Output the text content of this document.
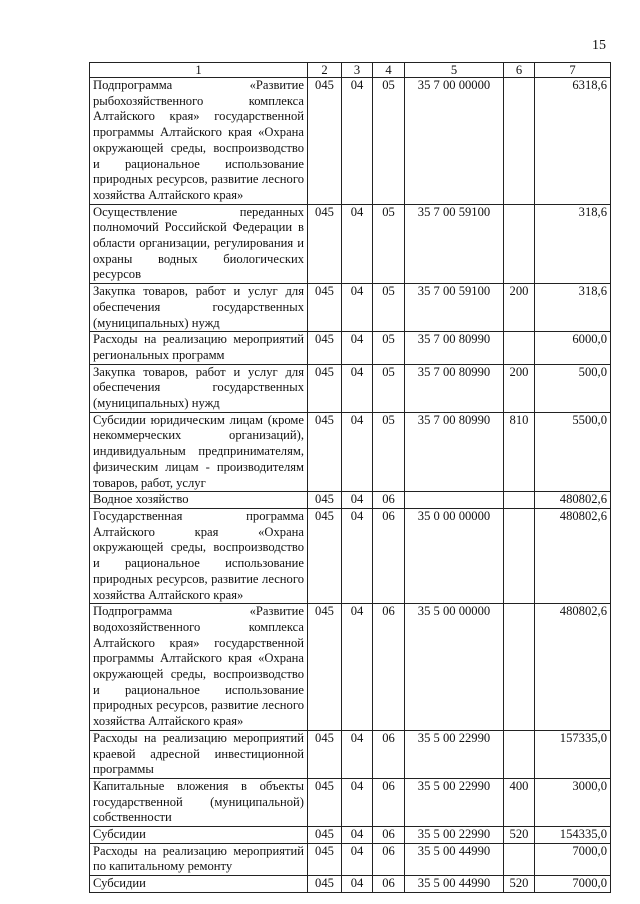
15
1	2	3	4	5	6	7
Подпрограмма «Развитие рыбохозяйственного комплекса Алтайского края» государственной программы Алтайского края «Охрана окружающей среды, воспроизводство и рациональное использование природных ресурсов, развитие лесного хозяйства Алтайского края»	045	04	05	35 7 00 00000		6318,6
Осуществление переданных полномочий Российской Федерации в области организации, регулирования и охраны водных биологических ресурсов	045	04	05	35 7 00 59100		318,6
Закупка товаров, работ и услуг для обеспечения государственных (муниципальных) нужд	045	04	05	35 7 00 59100	200	318,6
Расходы на реализацию мероприятий региональных программ	045	04	05	35 7 00 80990		6000,0
Закупка товаров, работ и услуг для обеспечения государственных (муниципальных) нужд	045	04	05	35 7 00 80990	200	500,0
Субсидии юридическим лицам (кроме некоммерческих организаций), индивидуальным предпринимателям, физическим лицам - производителям товаров, работ, услуг	045	04	05	35 7 00 80990	810	5500,0
Водное хозяйство	045	04	06			480802,6
Государственная программа Алтайского края «Охрана окружающей среды, воспроизводство и рациональное использование природных ресурсов, развитие лесного хозяйства Алтайского края»	045	04	06	35 0 00 00000		480802,6
Подпрограмма «Развитие водохозяйственного комплекса Алтайского края» государственной программы Алтайского края «Охрана окружающей среды, воспроизводство и рациональное использование природных ресурсов, развитие лесного хозяйства Алтайского края»	045	04	06	35 5 00 00000		480802,6
Расходы на реализацию мероприятий краевой адресной инвестиционной программы	045	04	06	35 5 00 22990		157335,0
Капитальные вложения в объекты государственной (муниципальной) собственности	045	04	06	35 5 00 22990	400	3000,0
Субсидии	045	04	06	35 5 00 22990	520	154335,0
Расходы на реализацию мероприятий по капитальному ремонту	045	04	06	35 5 00 44990		7000,0
Субсидии	045	04	06	35 5 00 44990	520	7000,0
